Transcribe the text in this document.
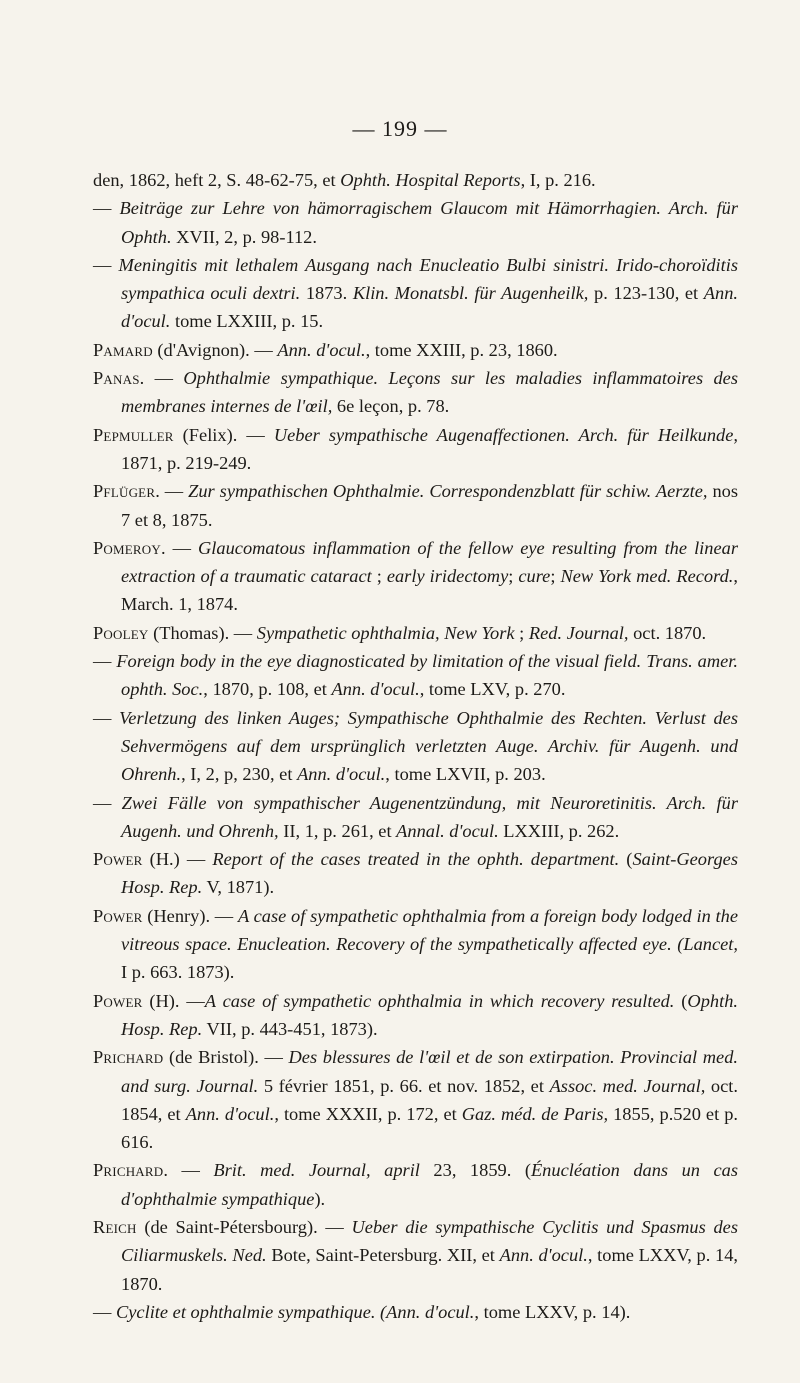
— 199 —

den, 1862, heft 2, S. 48-62-75, et Ophth. Hospital Reports, I, p. 216.

— Beiträge zur Lehre von hämorragischem Glaucom mit Hämorrhagien. Arch. für Ophth. XVII, 2, p. 98-112.

— Meningitis mit lethalem Ausgang nach Enucleatio Bulbi sinistri. Irido-choroïditis sympathica oculi dextri. 1873. Klin. Monatsbl. für Augenheilk, p. 123-130, et Ann. d'ocul. tome LXXIII, p. 15.

Pamard (d'Avignon). — Ann. d'ocul., tome XXIII, p. 23, 1860.

Panas. — Ophthalmie sympathique. Leçons sur les maladies inflammatoires des membranes internes de l'œil, 6e leçon, p. 78.

Pepmuller (Felix). — Ueber sympathische Augenaffectionen. Arch. für Heilkunde, 1871, p. 219-249.

Pflüger. — Zur sympathischen Ophthalmie. Correspondenzblatt für schiw. Aerzte, nos 7 et 8, 1875.

Pomeroy. — Glaucomatous inflammation of the fellow eye resulting from the linear extraction of a traumatic cataract ; early iridectomy; cure; New York med. Record., March. 1, 1874.

Pooley (Thomas). — Sympathetic ophthalmia, New York ; Red. Journal, oct. 1870.

— Foreign body in the eye diagnosticated by limitation of the visual field. Trans. amer. ophth. Soc., 1870, p. 108, et Ann. d'ocul., tome LXV, p. 270.

— Verletzung des linken Auges; Sympathische Ophthalmie des Rechten. Verlust des Sehvermögens auf dem ursprünglich verletzten Auge. Archiv. für Augenh. und Ohrenh., I, 2, p, 230, et Ann. d'ocul., tome LXVII, p. 203.

— Zwei Fälle von sympathischer Augenentzündung, mit Neuroretinitis. Arch. für Augenh. und Ohrenh, II, 1, p. 261, et Annal. d'ocul. LXXIII, p. 262.

Power (H.) — Report of the cases treated in the ophth. department. (Saint-Georges Hosp. Rep. V, 1871).

Power (Henry). — A case of sympathetic ophthalmia from a foreign body lodged in the vitreous space. Enucleation. Recovery of the sympathetically affected eye. (Lancet, I p. 663. 1873).

Power (H). —A case of sympathetic ophthalmia in which recovery resulted. (Ophth. Hosp. Rep. VII, p. 443-451, 1873).

Prichard (de Bristol). — Des blessures de l'œil et de son extirpation. Provincial med. and surg. Journal. 5 février 1851, p. 66. et nov. 1852, et Assoc. med. Journal, oct. 1854, et Ann. d'ocul., tome XXXII, p. 172, et Gaz. méd. de Paris, 1855, p.520 et p. 616.

Prichard. — Brit. med. Journal, april 23, 1859. (Énucléation dans un cas d'ophthalmie sympathique).

Reich (de Saint-Pétersbourg). — Ueber die sympathische Cyclitis und Spasmus des Ciliarmuskels. Ned. Bote, Saint-Petersburg. XII, et Ann. d'ocul., tome LXXV, p. 14, 1870.

— Cyclite et ophthalmie sympathique. (Ann. d'ocul., tome LXXV, p. 14).
